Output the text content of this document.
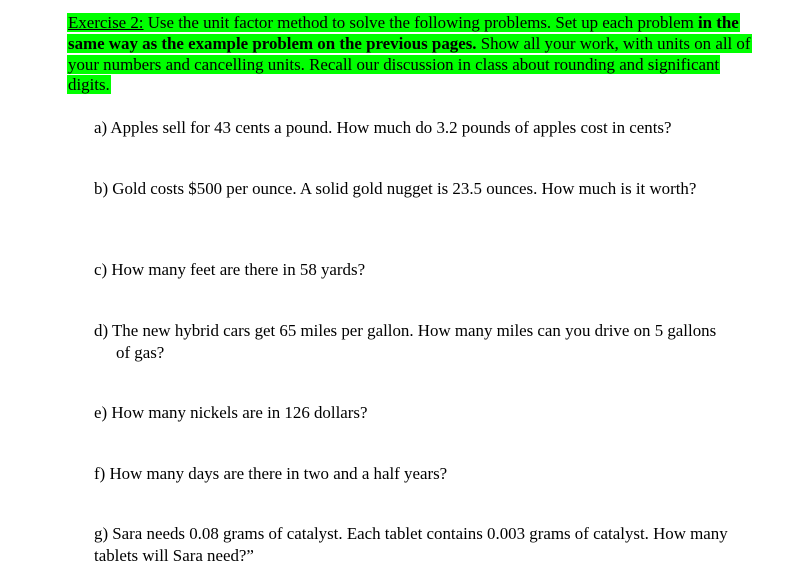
Exercise 2: Use the unit factor method to solve the following problems. Set up each problem in the same way as the example problem on the previous pages. Show all your work, with units on all of your numbers and cancelling units. Recall our discussion in class about rounding and significant digits.
a) Apples sell for 43 cents a pound. How much do 3.2 pounds of apples cost in cents?
b) Gold costs $500 per ounce. A solid gold nugget is 23.5 ounces. How much is it worth?
c) How many feet are there in 58 yards?
d) The new hybrid cars get 65 miles per gallon. How many miles can you drive on 5 gallons of gas?
e) How many nickels are in 126 dollars?
f) How many days are there in two and a half years?
g) Sara needs 0.08 grams of catalyst. Each tablet contains 0.003 grams of catalyst. How many tablets will Sara need?”
